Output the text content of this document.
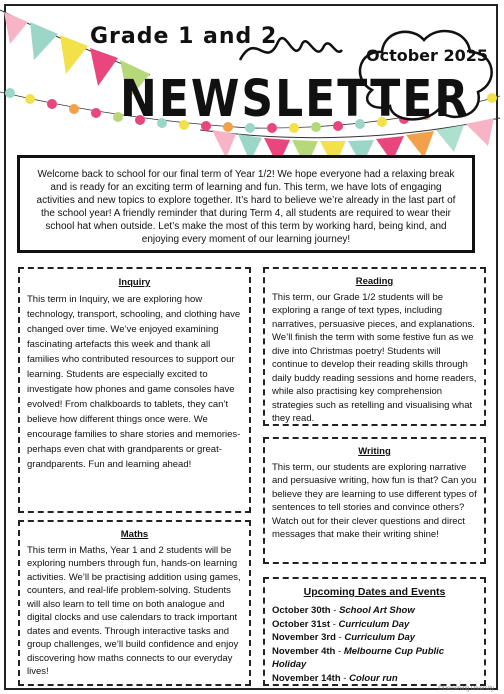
Grade 1 and 2
October 2025
NEWSLETTER

Welcome back to school for our final term of Year 1/2! We hope everyone had a relaxing break and is ready for an exciting term of learning and fun. This term, we have lots of engaging activities and new topics to explore together. It’s hard to believe we’re already in the last part of the school year! A friendly reminder that during Term 4, all students are required to wear their school hat when outside. Let’s make the most of this term by working hard, being kind, and enjoying every moment of our learning journey!

Inquiry

This term in Inquiry, we are exploring how technology, transport, schooling, and clothing have changed over time. We’ve enjoyed examining fascinating artefacts this week and thank all families who contributed resources to support our learning. Students are especially excited to investigate how phones and game consoles have evolved! From chalkboards to tablets, they can’t believe how different things once were. We encourage families to share stories and memories- perhaps even chat with grandparents or great-grandparents. Fun and learning ahead!

Reading

This term, our Grade 1/2 students will be exploring a range of text types, including narratives, persuasive pieces, and explanations. We’ll finish the term with some festive fun as we dive into Christmas poetry! Students will continue to develop their reading skills through daily buddy reading sessions and home readers, while also practising key comprehension strategies such as retelling and visualising what they read.

Writing

This term, our students are exploring narrative and persuasive writing, how fun is that? Can you believe they are learning to use different types of sentences to tell stories and convince others? Watch out for their clever questions and direct messages that make their writing shine!

Maths

This term in Maths, Year 1 and 2 students will be exploring numbers through fun, hands-on learning activities. We’ll be practising addition using games, counters, and real-life problem-solving. Students will also learn to tell time on both analogue and digital clocks and use calendars to track important dates and events. Through interactive tasks and group challenges, we’ll build confidence and enjoy discovering how maths connects to our everyday lives!

Upcoming Dates and Events
October 30th - School Art Show
October 31st - Curriculum Day
November 3rd - Curriculum Day
November 4th - Melbourne Cup Public Holiday
November 14th - Colour run
©Deciening Diversity
